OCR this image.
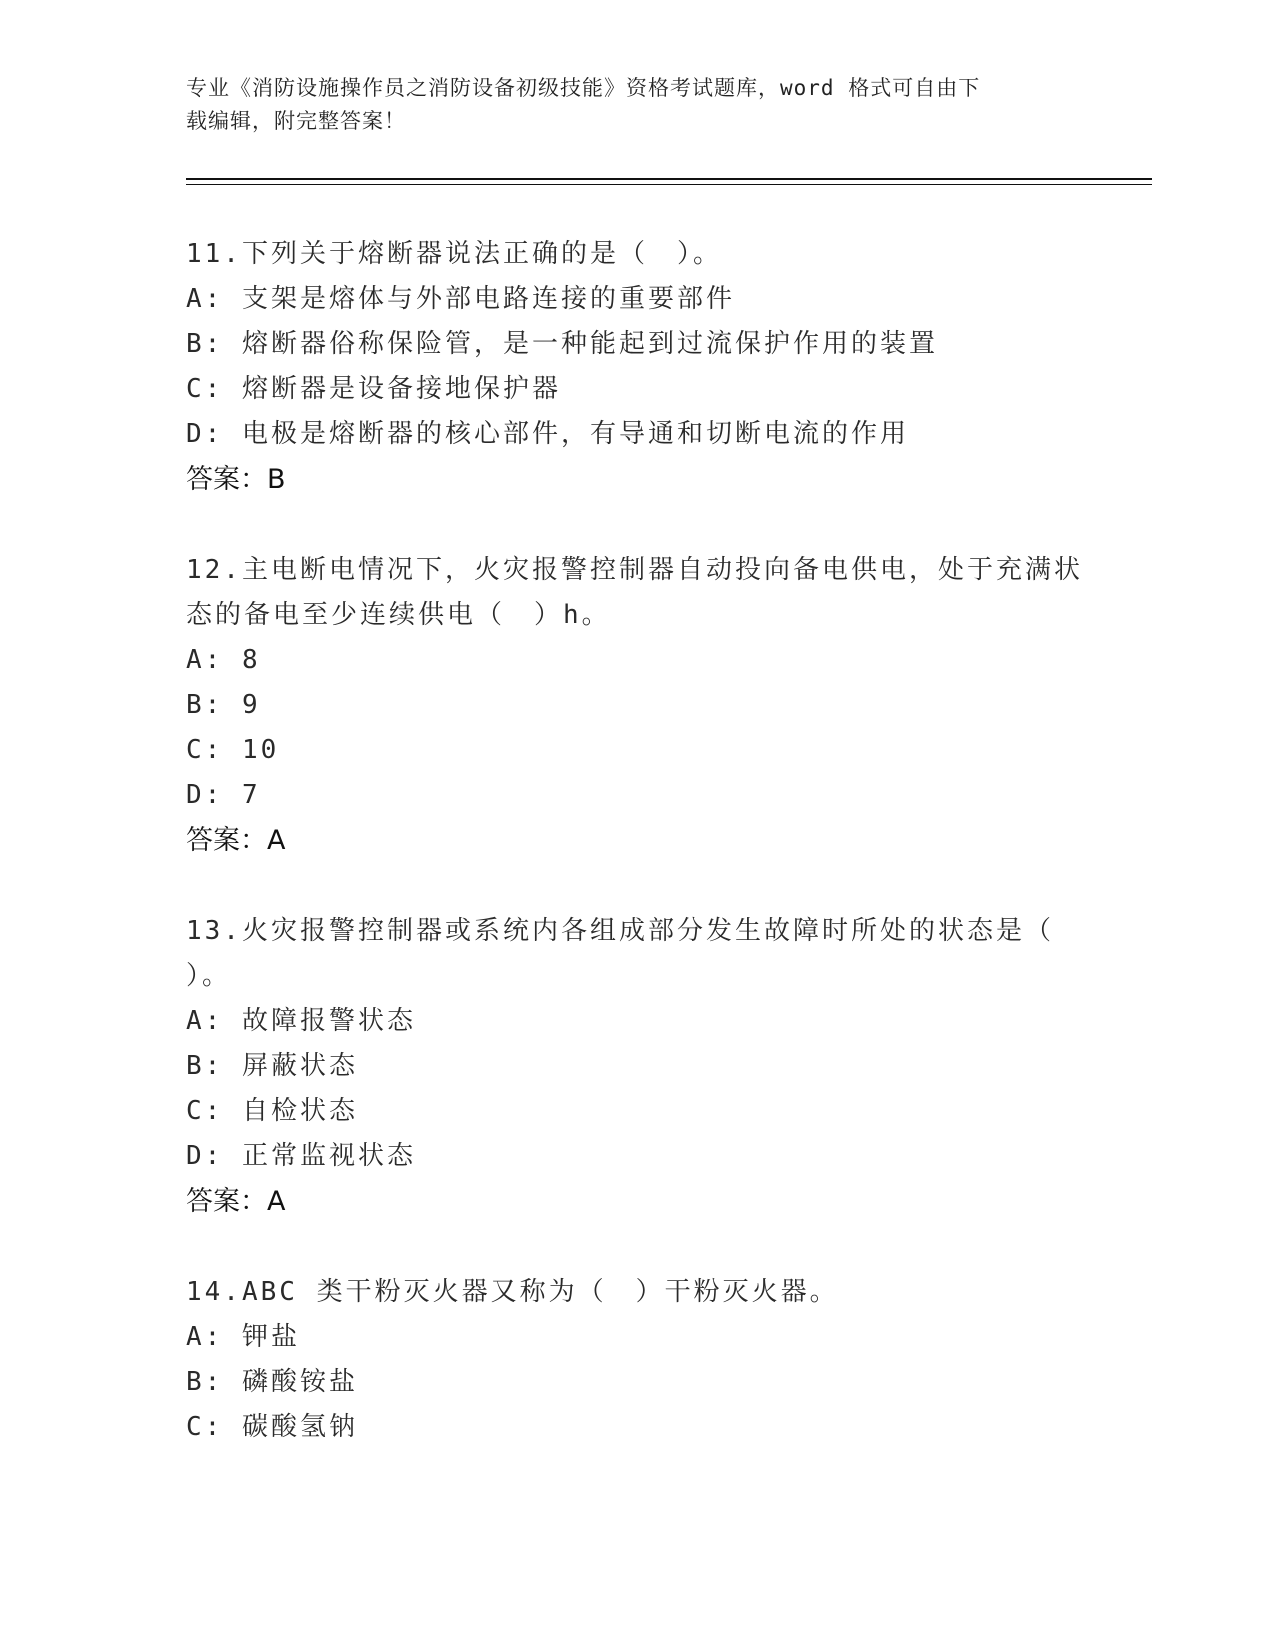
专业《消防设施操作员之消防设备初级技能》资格考试题库，word 格式可自由下
载编辑，附完整答案！
11.下列关于熔断器说法正确的是（　）。
A: 支架是熔体与外部电路连接的重要部件
B: 熔断器俗称保险管，是一种能起到过流保护作用的装置
C: 熔断器是设备接地保护器
D: 电极是熔断器的核心部件，有导通和切断电流的作用
答案：B
12.主电断电情况下，火灾报警控制器自动投向备电供电，处于充满状
态的备电至少连续供电（　）h。
A: 8
B: 9
C: 10
D: 7
答案：A
13.火灾报警控制器或系统内各组成部分发生故障时所处的状态是（
）。
A: 故障报警状态
B: 屏蔽状态
C: 自检状态
D: 正常监视状态
答案：A
14.ABC 类干粉灭火器又称为（　）干粉灭火器。
A: 钾盐
B: 磷酸铵盐
C: 碳酸氢钠
